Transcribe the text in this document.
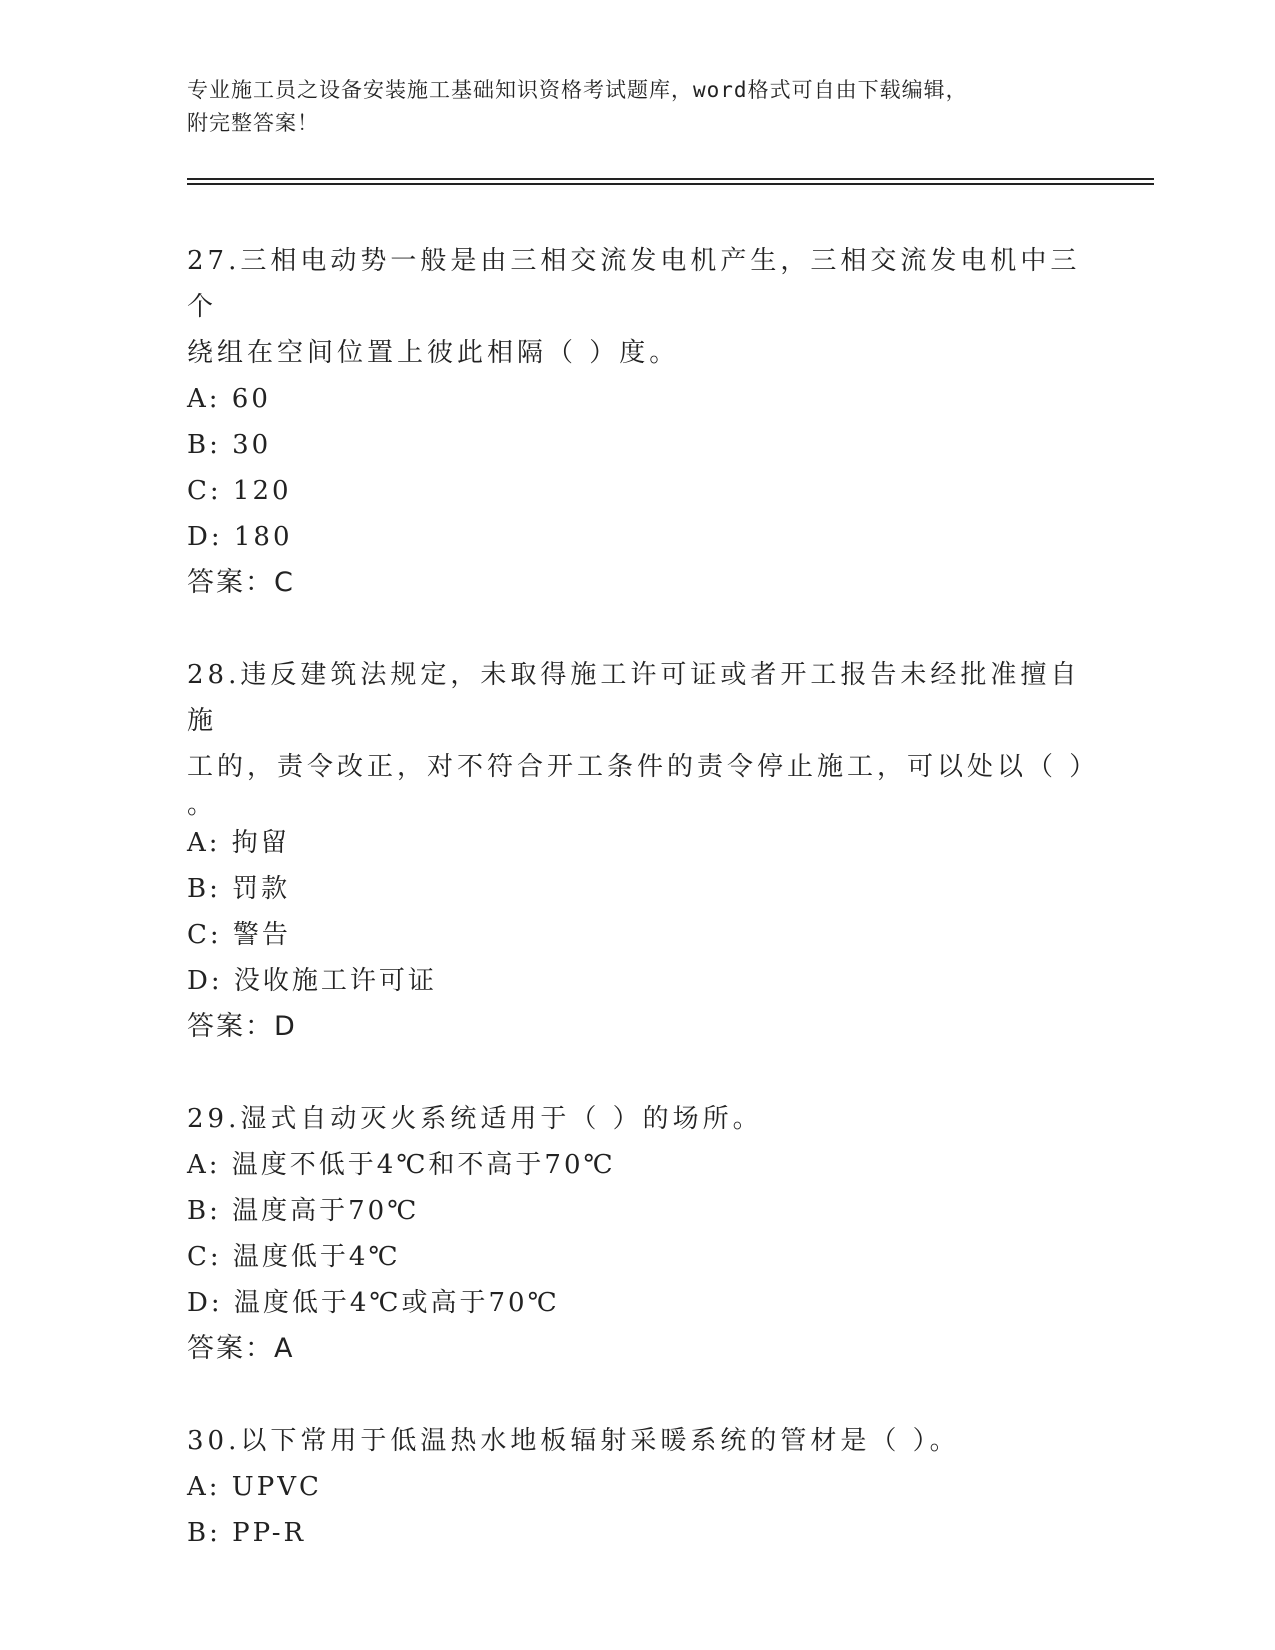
专业施工员之设备安装施工基础知识资格考试题库，word格式可自由下载编辑，
附完整答案！

27.三相电动势一般是由三相交流发电机产生，三相交流发电机中三个
绕组在空间位置上彼此相隔（ ）度。

A: 60

B: 30

C: 120

D: 180

答案：C

28.违反建筑法规定，未取得施工许可证或者开工报告未经批准擅自施
工的，责令改正，对不符合开工条件的责令停止施工，可以处以（ ）

。

A: 拘留

B: 罚款

C: 警告

D: 没收施工许可证

答案：D

29.湿式自动灭火系统适用于（ ）的场所。

A: 温度不低于4℃和不高于70℃

B: 温度高于70℃

C: 温度低于4℃

D: 温度低于4℃或高于70℃

答案：A

30.以下常用于低温热水地板辐射采暖系统的管材是（ ）。

A: UPVC

B: PP-R
